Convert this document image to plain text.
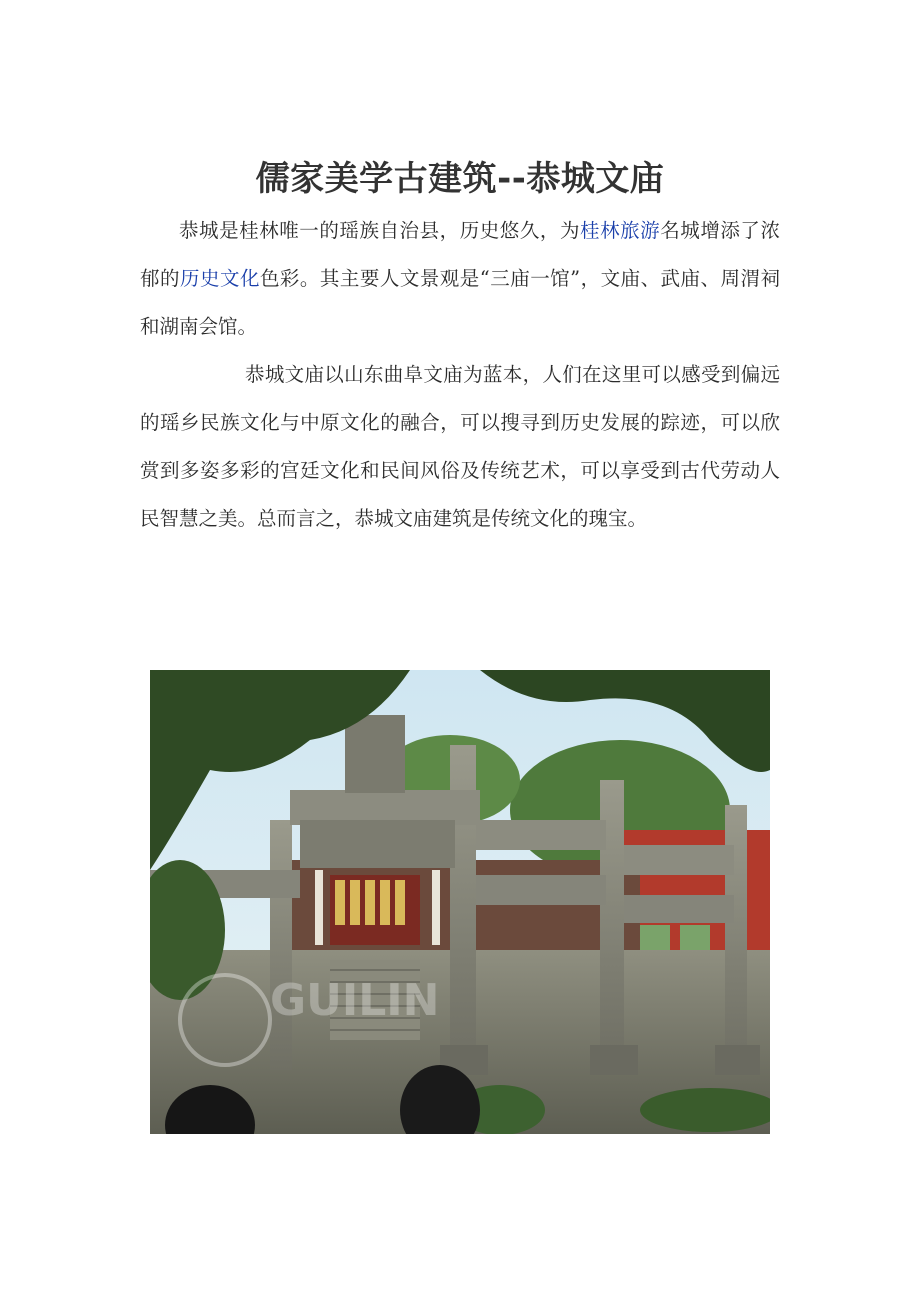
儒家美学古建筑--恭城文庙

恭城是桂林唯一的瑶族自治县，历史悠久，为桂林旅游名城增添了浓郁的历史文化色彩。其主要人文景观是“三庙一馆”，文庙、武庙、周渭祠和湖南会馆。

恭城文庙以山东曲阜文庙为蓝本，人们在这里可以感受到偏远的瑶乡民族文化与中原文化的融合，可以搜寻到历史发展的踪迹，可以欣赏到多姿多彩的宫廷文化和民间风俗及传统艺术，可以享受到古代劳动人民智慧之美。总而言之，恭城文庙建筑是传统文化的瑰宝。

GUILIN
